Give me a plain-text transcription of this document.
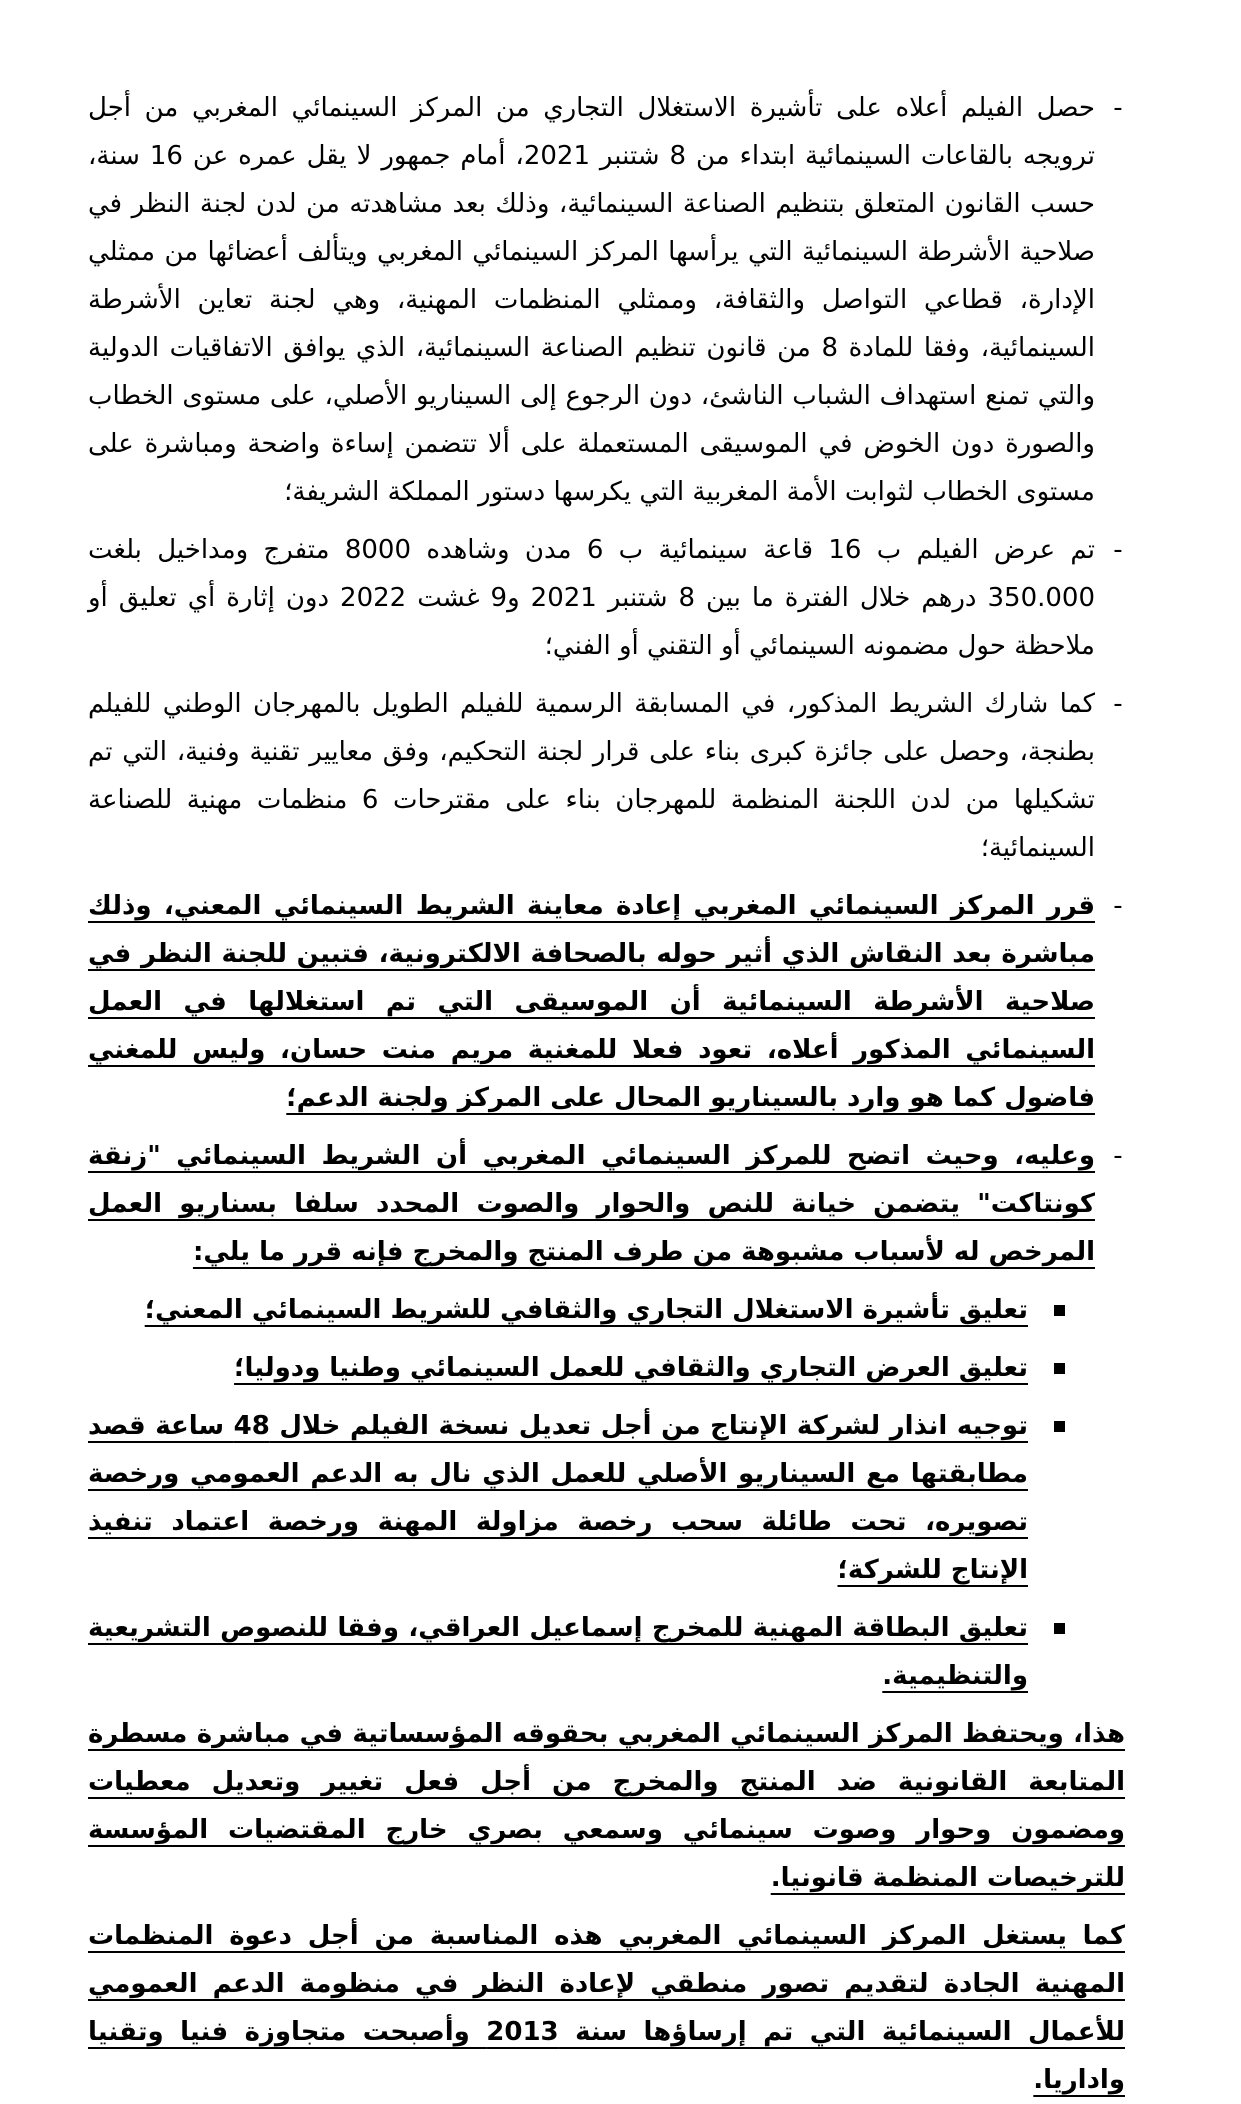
-

حصل الفيلم أعلاه على تأشيرة الاستغلال التجاري من المركز السينمائي المغربي من أجل ترويجه بالقاعات السينمائية ابتداء من 8 شتنبر 2021، أمام جمهور لا يقل عمره عن 16 سنة، حسب القانون المتعلق بتنظيم الصناعة السينمائية، وذلك بعد مشاهدته من لدن لجنة النظر في صلاحية الأشرطة السينمائية التي يرأسها المركز السينمائي المغربي ويتألف أعضائها من ممثلي الإدارة، قطاعي التواصل والثقافة، وممثلي المنظمات المهنية، وهي لجنة تعاين الأشرطة السينمائية، وفقا للمادة 8 من قانون تنظيم الصناعة السينمائية، الذي يوافق الاتفاقيات الدولية والتي تمنع استهداف الشباب الناشئ، دون الرجوع إلى السيناريو الأصلي، على مستوى الخطاب والصورة دون الخوض في الموسيقى المستعملة على ألا تتضمن إساءة واضحة ومباشرة على مستوى الخطاب لثوابت الأمة المغربية التي يكرسها دستور المملكة الشريفة؛

-

تم عرض الفيلم ب 16 قاعة سينمائية ب 6 مدن وشاهده 8000 متفرج ومداخيل بلغت 350.000 درهم خلال الفترة ما بين 8 شتنبر 2021 و9 غشت 2022 دون إثارة أي تعليق أو ملاحظة حول مضمونه السينمائي أو التقني أو الفني؛

-

كما شارك الشريط المذكور، في المسابقة الرسمية للفيلم الطويل بالمهرجان الوطني للفيلم بطنجة، وحصل على جائزة كبرى بناء على قرار لجنة التحكيم، وفق معايير تقنية وفنية، التي تم تشكيلها من لدن اللجنة المنظمة للمهرجان بناء على مقترحات 6 منظمات مهنية للصناعة السينمائية؛

-

قرر المركز السينمائي المغربي إعادة معاينة الشريط السينمائي المعني، وذلك مباشرة بعد النقاش الذي أثير حوله بالصحافة الالكترونية، فتبين للجنة النظر في صلاحية الأشرطة السينمائية أن الموسيقى التي تم استغلالها في العمل السينمائي المذكور أعلاه، تعود فعلا للمغنية مريم منت حسان، وليس للمغني فاضول كما هو وارد بالسيناريو المحال على المركز ولجنة الدعم؛

-

وعليه، وحيث اتضح للمركز السينمائي المغربي أن الشريط السينمائي "زنقة كونتاكت" يتضمن خيانة للنص والحوار والصوت المحدد سلفا بسناريو العمل المرخص له لأسباب مشبوهة من طرف المنتج والمخرج فإنه قرر ما يلي:

تعليق تأشيرة الاستغلال التجاري والثقافي للشريط السينمائي المعني؛

تعليق العرض التجاري والثقافي للعمل السينمائي وطنيا ودوليا؛

توجيه انذار لشركة الإنتاج من أجل تعديل نسخة الفيلم خلال 48 ساعة قصد مطابقتها مع السيناريو الأصلي للعمل الذي نال به الدعم العمومي ورخصة تصويره، تحت طائلة سحب رخصة مزاولة المهنة ورخصة اعتماد تنفيذ الإنتاج للشركة؛

تعليق البطاقة المهنية للمخرج إسماعيل العراقي، وفقا للنصوص التشريعية والتنظيمية.

هذا، ويحتفظ المركز السينمائي المغربي بحقوقه المؤسساتية في مباشرة مسطرة المتابعة القانونية ضد المنتج والمخرج من أجل فعل تغيير وتعديل معطيات ومضمون وحوار وصوت سينمائي وسمعي بصري خارج المقتضيات المؤسسة للترخيصات المنظمة قانونيا.

كما يستغل المركز السينمائي المغربي هذه المناسبة من أجل دعوة المنظمات المهنية الجادة لتقديم تصور منطقي لإعادة النظر في منظومة الدعم العمومي للأعمال السينمائية التي تم إرساؤها سنة 2013 وأصبحت متجاوزة فنيا وتقنيا واداريا.
